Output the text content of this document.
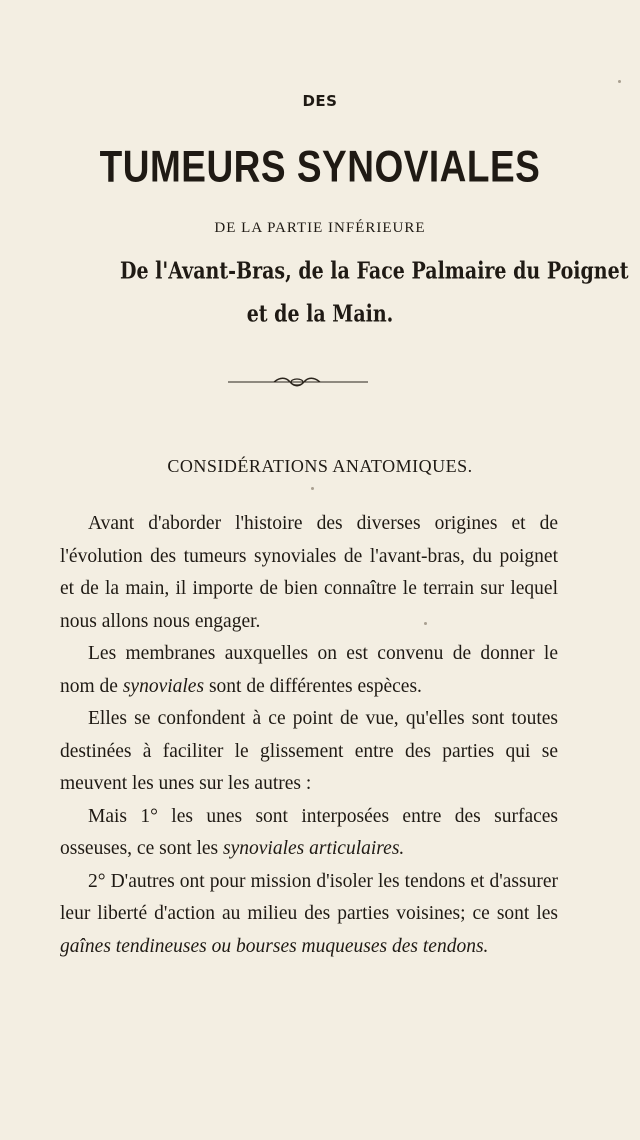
DES
TUMEURS SYNOVIALES
DE LA PARTIE INFÉRIEURE
De l'Avant-Bras, de la Face Palmaire du Poignet
et de la Main.
CONSIDÉRATIONS ANATOMIQUES.

Avant d'aborder l'histoire des diverses origines et de l'évolution des tumeurs synoviales de l'avant-bras, du poignet et de la main, il importe de bien connaître le terrain sur lequel nous allons nous engager.

Les membranes auxquelles on est convenu de donner le nom de synoviales sont de différentes espèces.

Elles se confondent à ce point de vue, qu'elles sont toutes destinées à faciliter le glissement entre des parties qui se meuvent les unes sur les autres :

Mais 1° les unes sont interposées entre des surfaces osseuses, ce sont les synoviales articulaires.

2° D'autres ont pour mission d'isoler les tendons et d'assurer leur liberté d'action au milieu des parties voisines; ce sont les gaînes tendineuses ou bourses muqueuses des tendons.
